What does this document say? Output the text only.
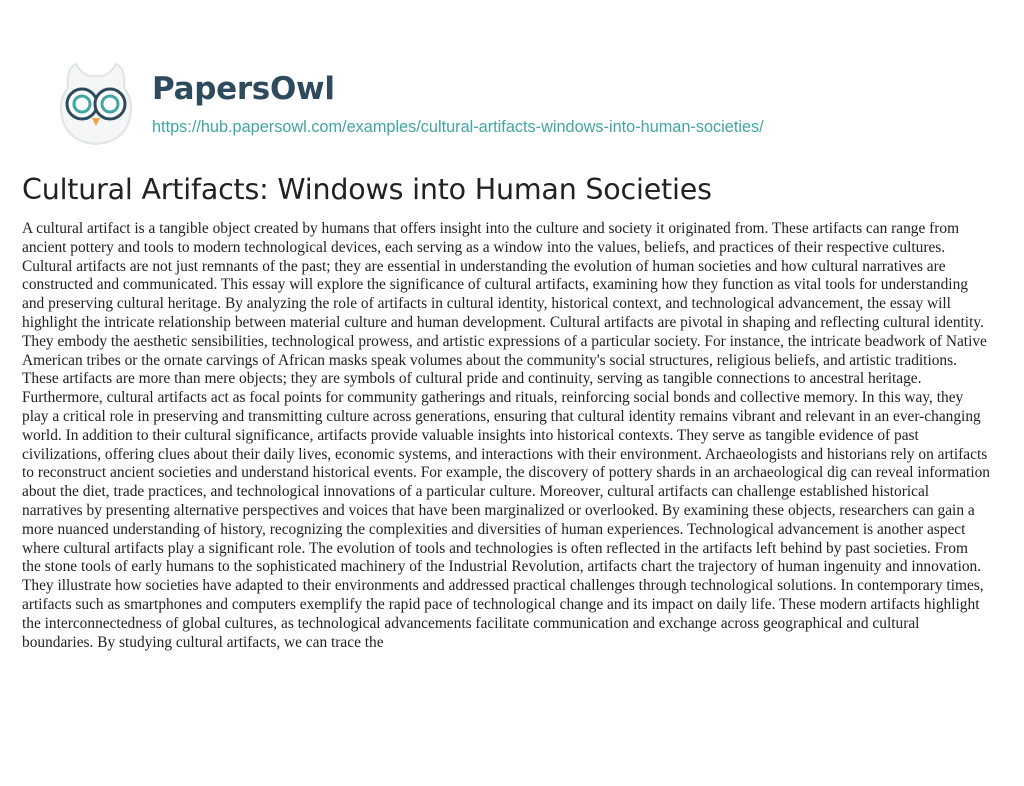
PapersOwl
https://hub.papersowl.com/examples/cultural-artifacts-windows-into-human-societies/
Cultural Artifacts: Windows into Human Societies

A cultural artifact is a tangible object created by humans that offers insight into the culture and society it originated from. These artifacts can range from ancient pottery and tools to modern technological devices, each serving as a window into the values, beliefs, and practices of their respective cultures. Cultural artifacts are not just remnants of the past; they are essential in understanding the evolution of human societies and how cultural narratives are constructed and communicated. This essay will explore the significance of cultural artifacts, examining how they function as vital tools for understanding and preserving cultural heritage. By analyzing the role of artifacts in cultural identity, historical context, and technological advancement, the essay will highlight the intricate relationship between material culture and human development. Cultural artifacts are pivotal in shaping and reflecting cultural identity. They embody the aesthetic sensibilities, technological prowess, and artistic expressions of a particular society. For instance, the intricate beadwork of Native American tribes or the ornate carvings of African masks speak volumes about the community's social structures, religious beliefs, and artistic traditions. These artifacts are more than mere objects; they are symbols of cultural pride and continuity, serving as tangible connections to ancestral heritage. Furthermore, cultural artifacts act as focal points for community gatherings and rituals, reinforcing social bonds and collective memory. In this way, they play a critical role in preserving and transmitting culture across generations, ensuring that cultural identity remains vibrant and relevant in an ever-changing world. In addition to their cultural significance, artifacts provide valuable insights into historical contexts. They serve as tangible evidence of past civilizations, offering clues about their daily lives, economic systems, and interactions with their environment. Archaeologists and historians rely on artifacts to reconstruct ancient societies and understand historical events. For example, the discovery of pottery shards in an archaeological dig can reveal information about the diet, trade practices, and technological innovations of a particular culture. Moreover, cultural artifacts can challenge established historical narratives by presenting alternative perspectives and voices that have been marginalized or overlooked. By examining these objects, researchers can gain a more nuanced understanding of history, recognizing the complexities and diversities of human experiences. Technological advancement is another aspect where cultural artifacts play a significant role. The evolution of tools and technologies is often reflected in the artifacts left behind by past societies. From the stone tools of early humans to the sophisticated machinery of the Industrial Revolution, artifacts chart the trajectory of human ingenuity and innovation. They illustrate how societies have adapted to their environments and addressed practical challenges through technological solutions. In contemporary times, artifacts such as smartphones and computers exemplify the rapid pace of technological change and its impact on daily life. These modern artifacts highlight the interconnectedness of global cultures, as technological advancements facilitate communication and exchange across geographical and cultural boundaries. By studying cultural artifacts, we can trace the
